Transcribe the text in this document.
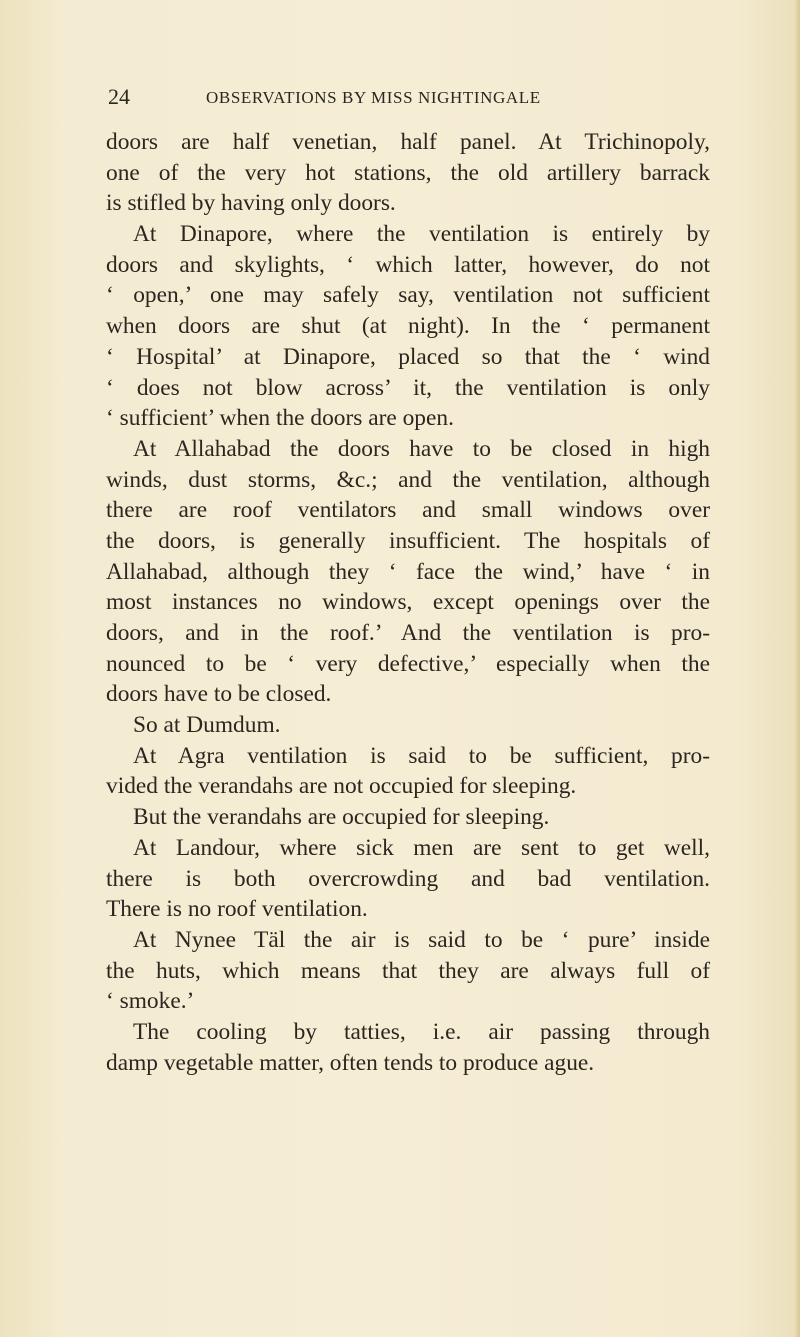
24	OBSERVATIONS BY MISS NIGHTINGALE
doors are half venetian, half panel. At Trichinopoly,
one of the very hot stations, the old artillery barrack
is stifled by having only doors.
At Dinapore, where the ventilation is entirely by
doors and skylights, ‘ which latter, however, do not
‘ open,’ one may safely say, ventilation not sufficient
when doors are shut (at night). In the ‘ permanent
‘ Hospital’ at Dinapore, placed so that the ‘ wind
‘ does not blow across’ it, the ventilation is only
‘ sufficient’ when the doors are open.
At Allahabad the doors have to be closed in high
winds, dust storms, &c.; and the ventilation, although
there are roof ventilators and small windows over
the doors, is generally insufficient. The hospitals of
Allahabad, although they ‘ face the wind,’ have ‘ in
most instances no windows, except openings over the
doors, and in the roof.’ And the ventilation is pro-
nounced to be ‘ very defective,’ especially when the
doors have to be closed.
So at Dumdum.
At Agra ventilation is said to be sufficient, pro-
vided the verandahs are not occupied for sleeping.
But the verandahs are occupied for sleeping.
At Landour, where sick men are sent to get well,
there is both overcrowding and bad ventilation.
There is no roof ventilation.
At Nynee Täl the air is said to be ‘ pure’ inside
the huts, which means that they are always full of
‘ smoke.’
The cooling by tatties, i.e. air passing through
damp vegetable matter, often tends to produce ague.
